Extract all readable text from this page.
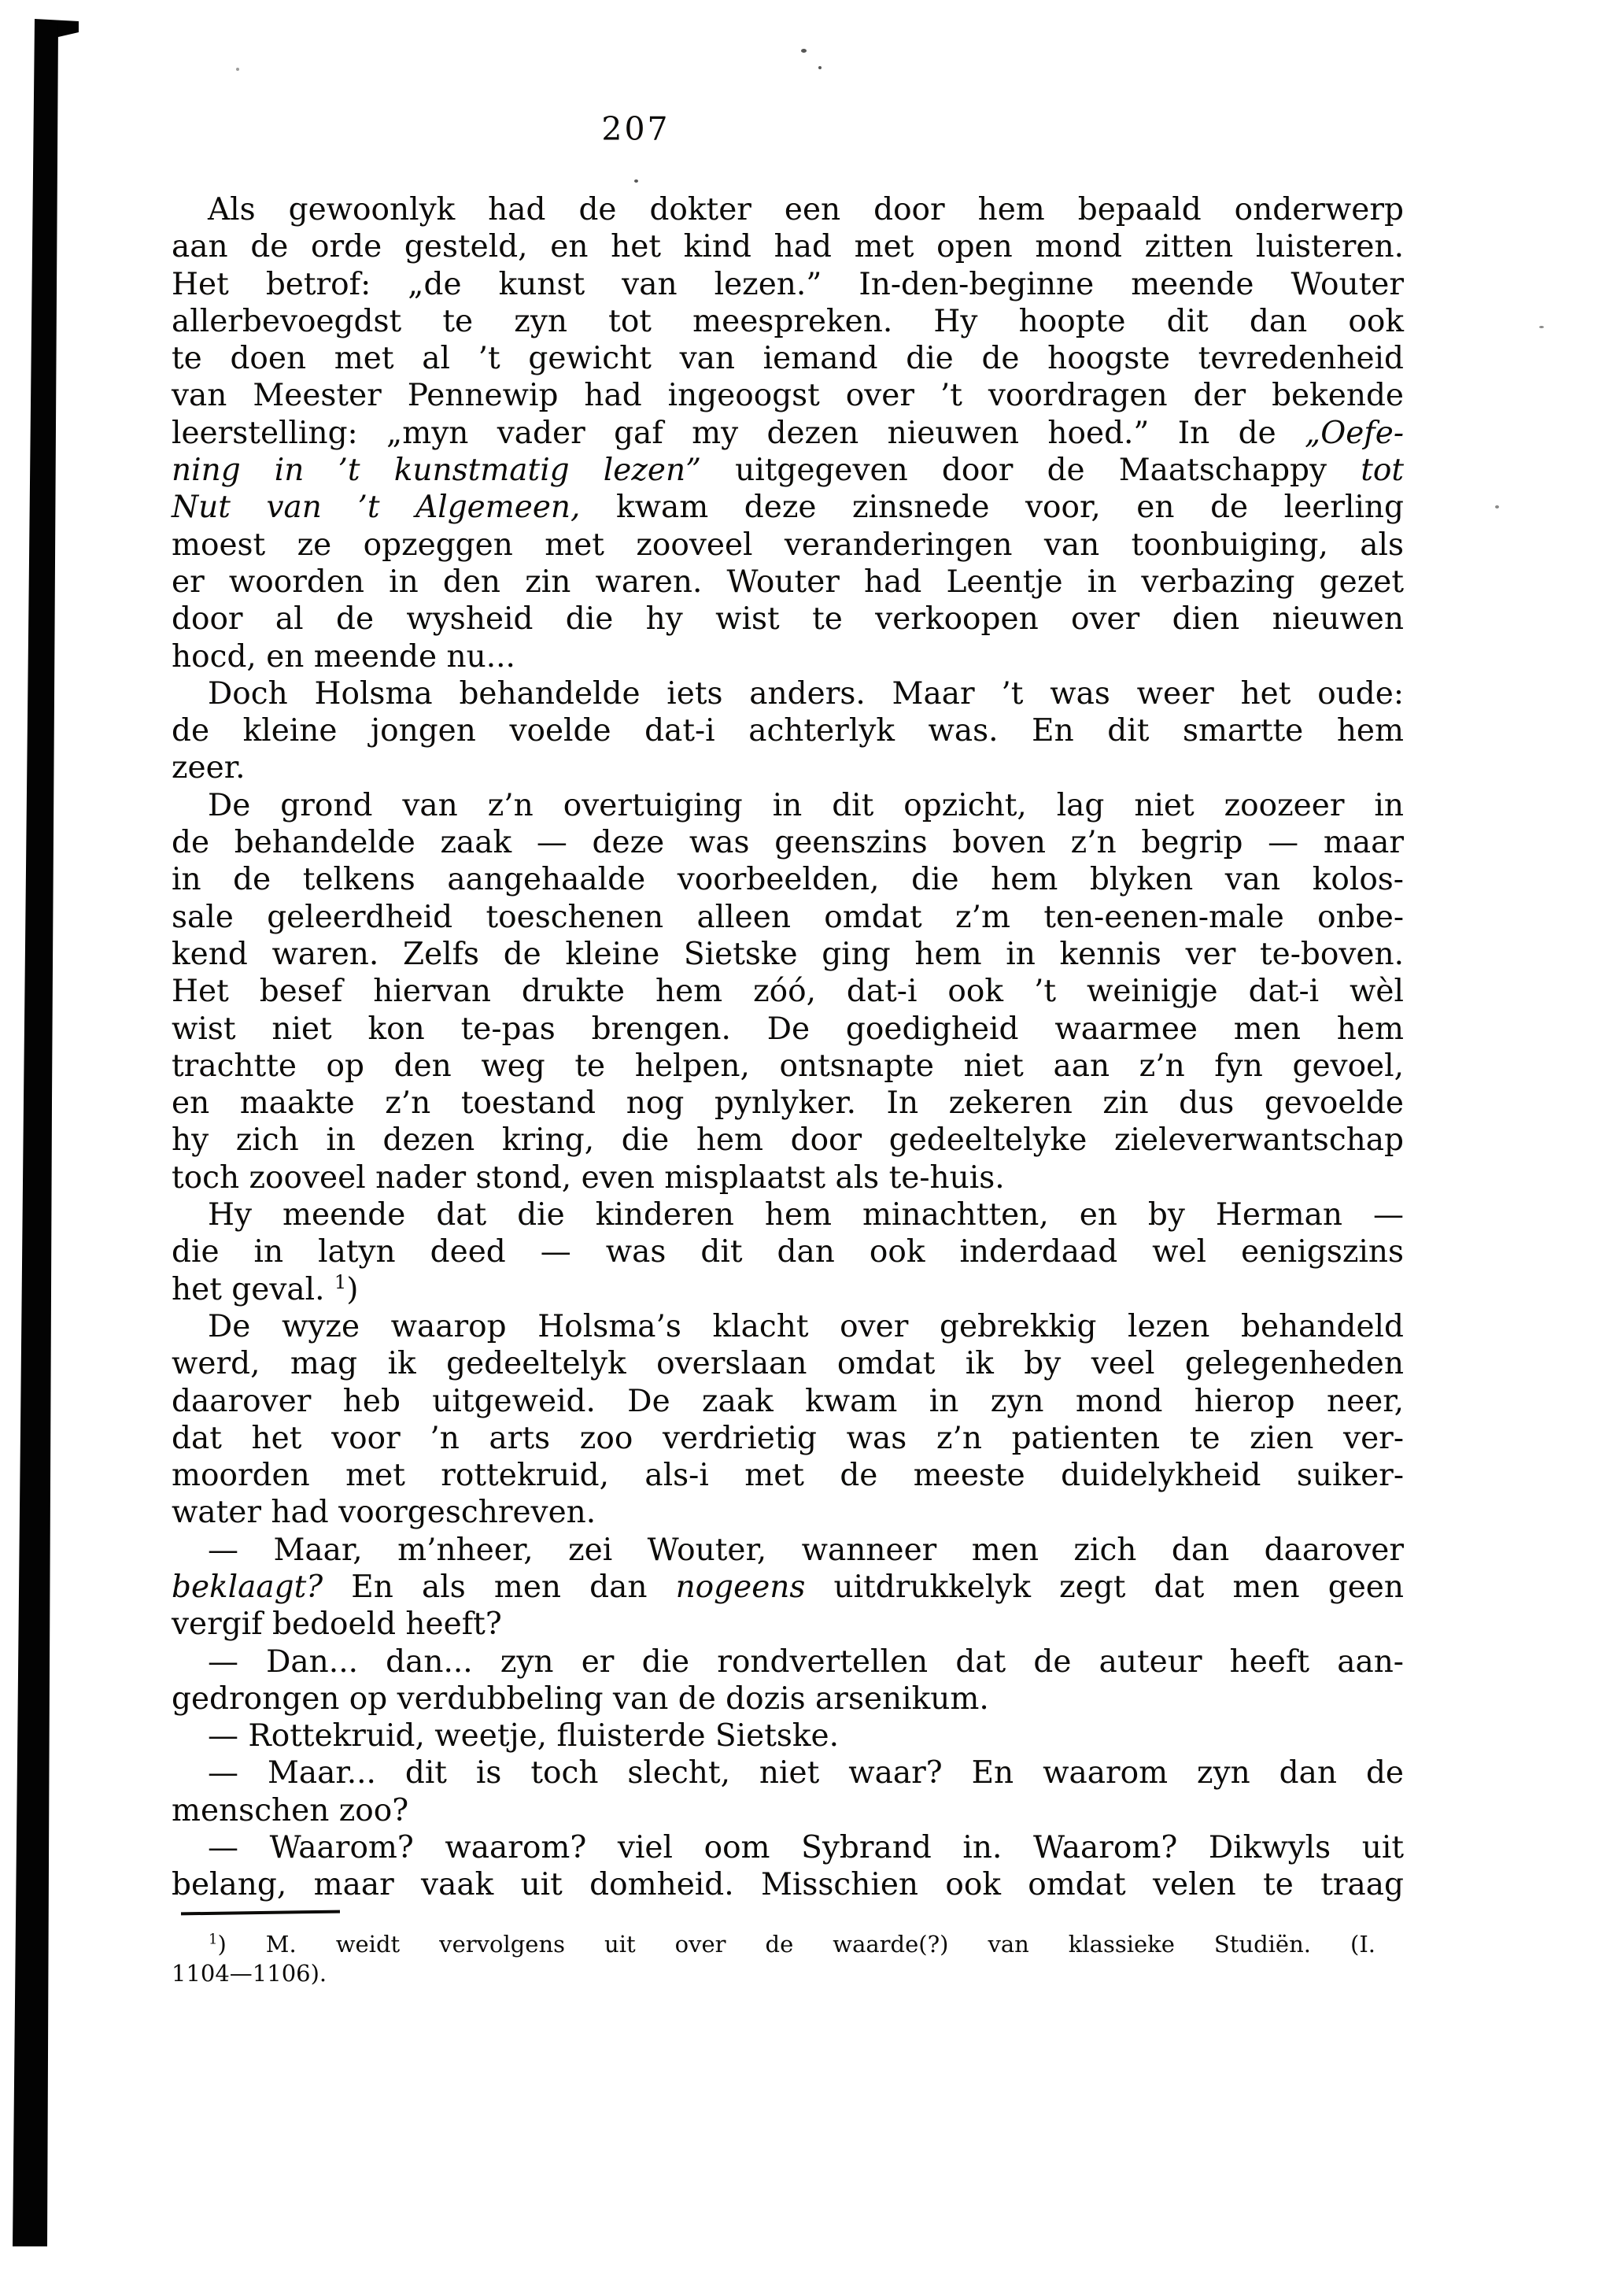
207
Als gewoonlyk had de dokter een door hem bepaald onderwerp
aan de orde gesteld, en het kind had met open mond zitten luisteren.
Het betrof: „de kunst van lezen.” In-den-beginne meende Wouter
allerbevoegdst te zyn tot meespreken. Hy hoopte dit dan ook
te doen met al ’t gewicht van iemand die de hoogste tevredenheid
van Meester Pennewip had ingeoogst over ’t voordragen der bekende
leerstelling: „myn vader gaf my dezen nieuwen hoed.” In de „Oefe-
ning in ’t kunstmatig lezen” uitgegeven door de Maatschappy tot
Nut van ’t Algemeen, kwam deze zinsnede voor, en de leerling
moest ze opzeggen met zooveel veranderingen van toonbuiging, als
er woorden in den zin waren. Wouter had Leentje in verbazing gezet
door al de wysheid die hy wist te verkoopen over dien nieuwen
hocd, en meende nu...
Doch Holsma behandelde iets anders. Maar ’t was weer het oude:
de kleine jongen voelde dat-i achterlyk was. En dit smartte hem
zeer.
De grond van z’n overtuiging in dit opzicht, lag niet zoozeer in
de behandelde zaak — deze was geenszins boven z’n begrip — maar
in de telkens aangehaalde voorbeelden, die hem blyken van kolos-
sale geleerdheid toeschenen alleen omdat z’m ten-eenen-male onbe-
kend waren. Zelfs de kleine Sietske ging hem in kennis ver te-boven.
Het besef hiervan drukte hem zóó, dat-i ook ’t weinigje dat-i wèl
wist niet kon te-pas brengen. De goedigheid waarmee men hem
trachtte op den weg te helpen, ontsnapte niet aan z’n fyn gevoel,
en maakte z’n toestand nog pynlyker. In zekeren zin dus gevoelde
hy zich in dezen kring, die hem door gedeeltelyke zieleverwantschap
toch zooveel nader stond, even misplaatst als te-huis.
Hy meende dat die kinderen hem minachtten, en by Herman —
die in latyn deed — was dit dan ook inderdaad wel eenigszins
het geval. $^1$)
De wyze waarop Holsma’s klacht over gebrekkig lezen behandeld
werd, mag ik gedeeltelyk overslaan omdat ik by veel gelegenheden
daarover heb uitgeweid. De zaak kwam in zyn mond hierop neer,
dat het voor ’n arts zoo verdrietig was z’n patienten te zien ver-
moorden met rottekruid, als-i met de meeste duidelykheid suiker-
water had voorgeschreven.
— Maar, m’nheer, zei Wouter, wanneer men zich dan daarover
beklaagt? En als men dan nogeens uitdrukkelyk zegt dat men geen
vergif bedoeld heeft?
— Dan... dan... zyn er die rondvertellen dat de auteur heeft aan-
gedrongen op verdubbeling van de dozis arsenikum.
— Rottekruid, weetje, fluisterde Sietske.
— Maar... dit is toch slecht, niet waar? En waarom zyn dan de
menschen zoo?
— Waarom? waarom? viel oom Sybrand in. Waarom? Dikwyls uit
belang, maar vaak uit domheid. Misschien ook omdat velen te traag
$^1$) M. weidt vervolgens uit over de waarde(?) van klassieke Studiën. (I.
1104—1106).
